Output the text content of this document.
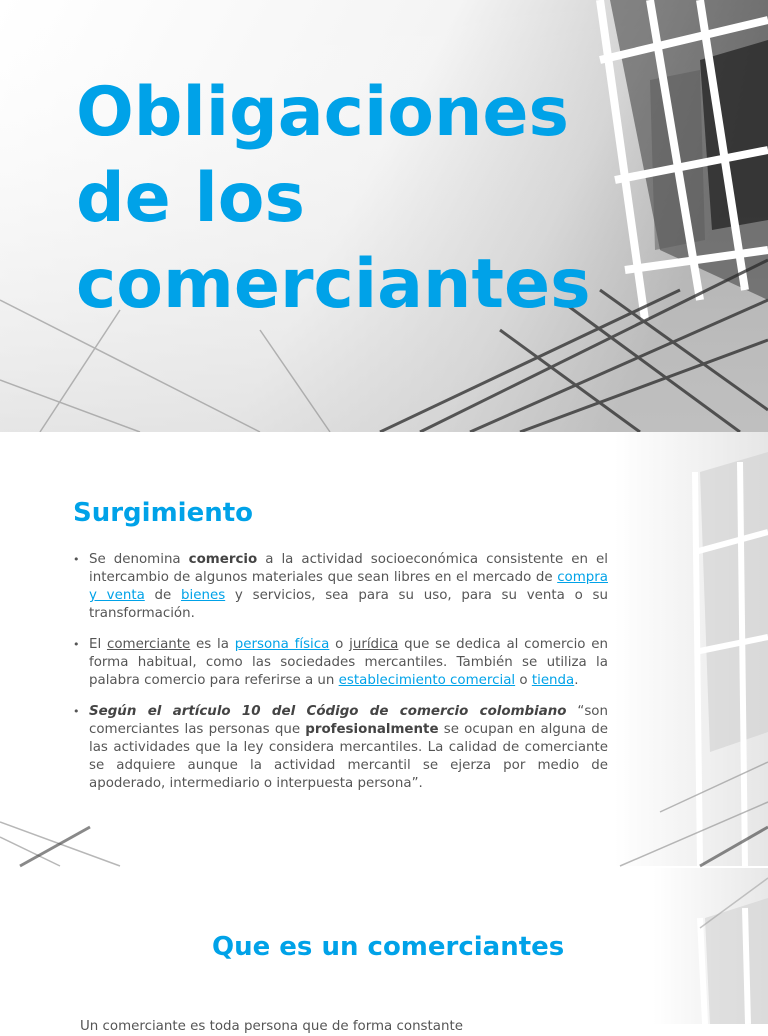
Obligaciones
de los
comerciantes
Surgimiento
• Se denomina comercio a la actividad socioeconómica consistente en el intercambio de algunos materiales que sean libres en el mercado de compra y venta de bienes y servicios, sea para su uso, para su venta o su transformación.
• El comerciante es la persona física o jurídica que se dedica al comercio en forma habitual, como las sociedades mercantiles. También se utiliza la palabra comercio para referirse a un establecimiento comercial o tienda.
• Según el artículo 10 del Código de comercio colombiano “son comerciantes las personas que profesionalmente se ocupan en alguna de las actividades que la ley considera mercantiles. La calidad de comerciante se adquiere aunque la actividad mercantil se ejerza por medio de apoderado, intermediario o interpuesta persona”.
Que es un comerciantes
Un comerciante es toda persona que de forma constante
